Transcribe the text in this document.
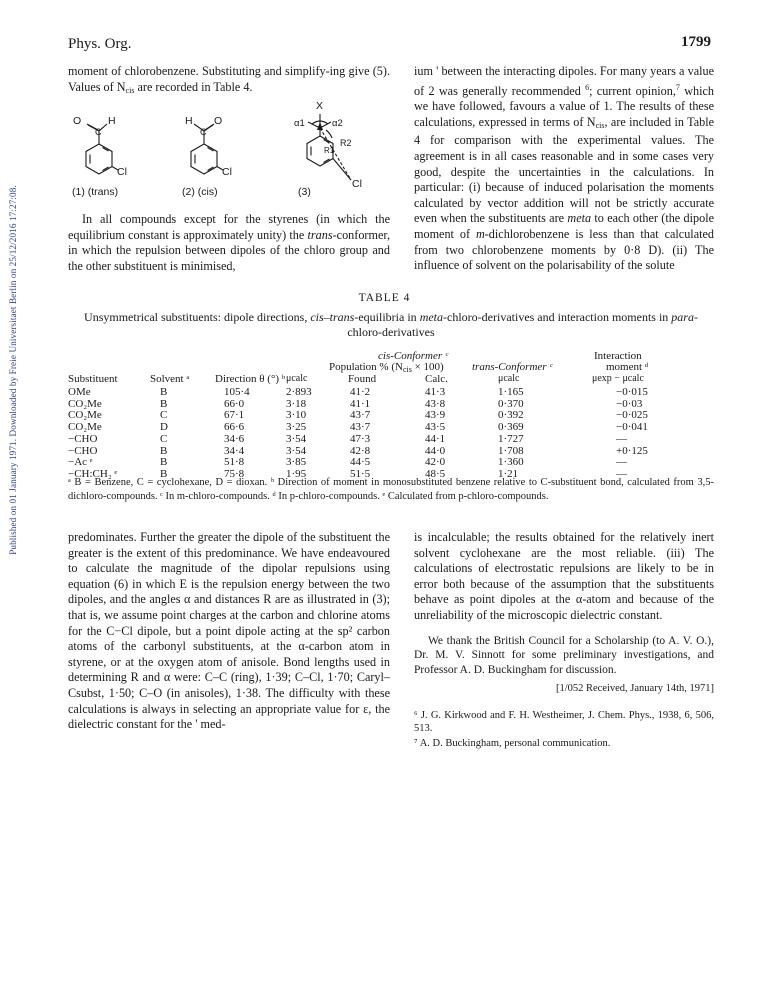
Published on 01 January 1971. Downloaded by Freie Universitaet Berlin on 25/12/2016 17:27:08.
Phys. Org.	1799

moment of chlorobenzene. Substituting and simplify-ing give (5). Values of $N_{cis}$ are recorded in Table 4.

O
C
H
Cl
H
C
O
Cl
X
α1	α2
R1
R2
Cl
(1) (trans)	(2) (cis)	(3)

In all compounds except for the styrenes (in which the equilibrium constant is approximately unity) the trans-conformer, in which the repulsion between dipoles of the chloro group and the other substituent is minimised,

ium ' between the interacting dipoles. For many years a value of 2 was generally recommended $^6$; current opinion,$^7$ which we have followed, favours a value of 1. The results of these calculations, expressed in terms of $N_{cis}$, are included in Table 4 for comparison with the experimental values. The agreement is in all cases reasonable and in some cases very good, despite the uncertainties in the calculations. In particular: (i) because of induced polarisation the moments calculated by vector addition will not be strictly accurate even when the substituents are meta to each other (the dipole moment of m-dichlorobenzene is less than that calculated from two chlorobenzene moments by 0·8 D). (ii) The influence of solvent on the polarisability of the solute

TABLE 4
Unsymmetrical substituents: dipole directions, cis–trans-equilibria in meta-chloro-derivatives and interaction moments in para-chloro-derivatives
cis-Conformer ᶜ	Interaction
Population % $(N_{cis} \times 100)$	trans-Conformer ᶜ	moment ᵈ
Substituent	Solvent ᵃ Direction θ (°) ᵇ μcalc	Found	Calc.	μcalc	μexp − μcalc
OMe	B	105·4	2·893	41·2	41·3	1·165	−0·015
CO₂Me	B	66·0	3·18	41·1	43·8	0·370	−0·03
CO₂Me	C	67·1	3·10	43·7	43·9	0·392	−0·025
CO₂Me	D	66·6	3·25	43·7	43·5	0·369	−0·041
−CHO	C	34·6	3·54	47·3	44·1	1·727	—
−CHO	B	34·4	3·54	42·8	44·0	1·708	+0·125
−Ac ᵉ	B	51·8	3·85	44·5	42·0	1·360	—
−CH:CH₂ ᵉ	B	75·8	1·95	51·5	48·5	1·21	—
ᵃ B = Benzene, C = cyclohexane, D = dioxan. ᵇ Direction of moment in monosubstituted benzene relative to C-substituent bond, calculated from 3,5-dichloro-compounds. ᶜ In m-chloro-compounds. ᵈ In p-chloro-compounds. ᵉ Calculated from p-chloro-compounds.

predominates. Further the greater the dipole of the substituent the greater is the extent of this predominance. We have endeavoured to calculate the magnitude of the dipolar repulsions using equation (6) in which E is the repulsion energy between the two dipoles, and the angles α and distances R are as illustrated in (3); that is, we assume point charges at the carbon and chlorine atoms for the C−Cl dipole, but a point dipole acting at the sp² carbon atoms of the carbonyl substituents, at the α-carbon atom in styrene, or at the oxygen atom of anisole. Bond lengths used in determining R and α were: C–C (ring), 1·39; C–Cl, 1·70; Caryl–Csubst, 1·50; C–O (in anisoles), 1·38. The difficulty with these calculations is always in selecting an appropriate value for ε, the dielectric constant for the ' med-

is incalculable; the results obtained for the relatively inert solvent cyclohexane are the most reliable. (iii) The calculations of electrostatic repulsions are likely to be in error both because of the assumption that the substituents behave as point dipoles at the α-atom and because of the unreliability of the microscopic dielectric constant.

We thank the British Council for a Scholarship (to A. V. O.), Dr. M. V. Sinnott for some preliminary investigations, and Professor A. D. Buckingham for discussion.

[1/052 Received, January 14th, 1971]

⁶ J. G. Kirkwood and F. H. Westheimer, J. Chem. Phys., 1938, 6, 506, 513.

⁷ A. D. Buckingham, personal communication.
